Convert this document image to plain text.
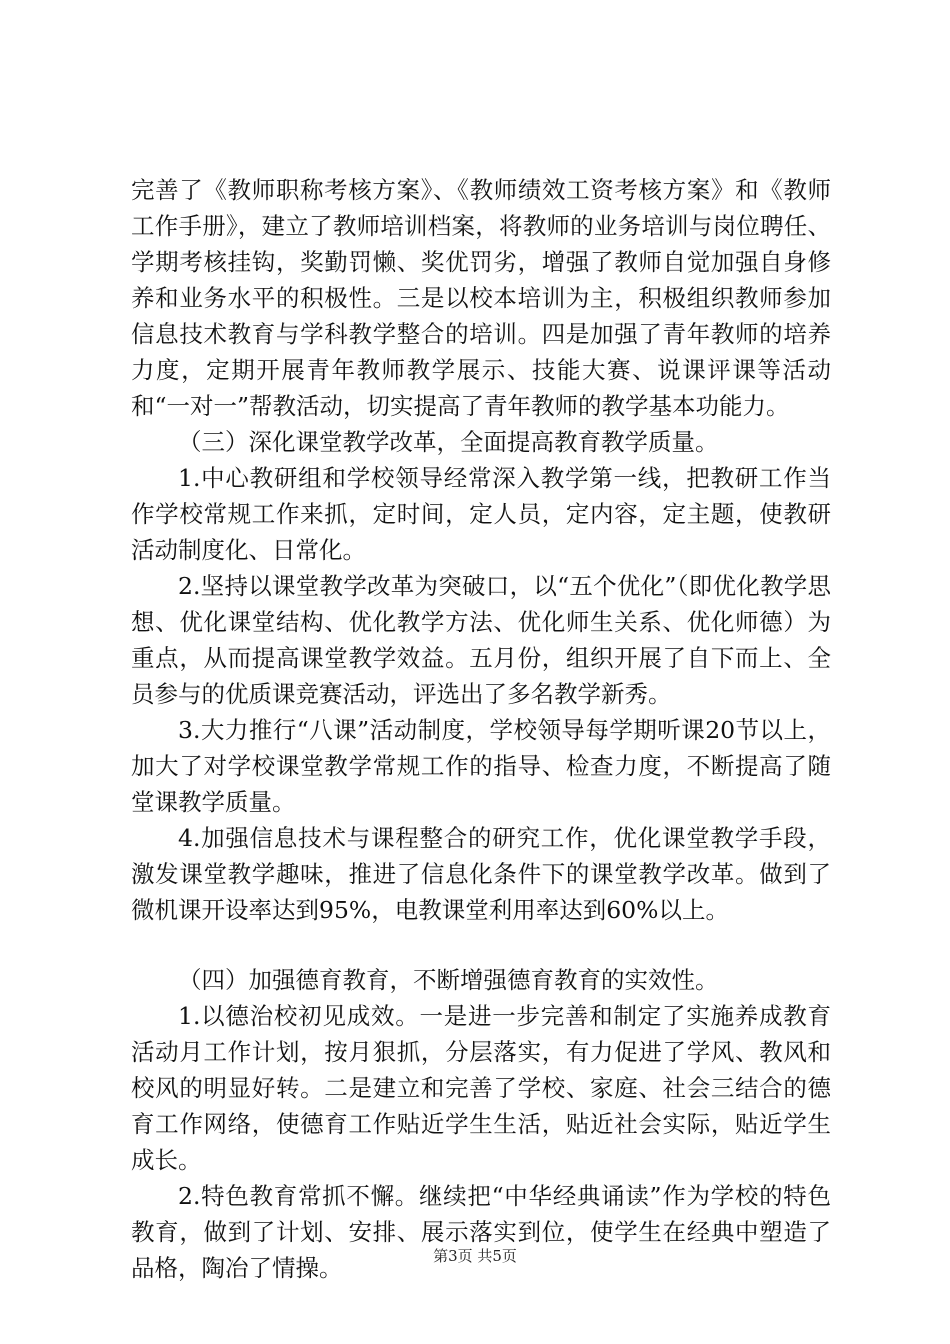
完善了《教师职称考核方案》、《教师绩效工资考核方案》和《教师工作手册》，建立了教师培训档案，将教师的业务培训与岗位聘任、学期考核挂钩，奖勤罚懒、奖优罚劣，增强了教师自觉加强自身修养和业务水平的积极性。三是以校本培训为主，积极组织教师参加信息技术教育与学科教学整合的培训。四是加强了青年教师的培养力度，定期开展青年教师教学展示、技能大赛、说课评课等活动和“一对一”帮教活动，切实提高了青年教师的教学基本功能力。

（三）深化课堂教学改革，全面提高教育教学质量。

1.中心教研组和学校领导经常深入教学第一线，把教研工作当作学校常规工作来抓，定时间，定人员，定内容，定主题，使教研活动制度化、日常化。

2.坚持以课堂教学改革为突破口，以“五个优化”（即优化教学思想、优化课堂结构、优化教学方法、优化师生关系、优化师德）为重点，从而提高课堂教学效益。五月份，组织开展了自下而上、全员参与的优质课竞赛活动，评选出了多名教学新秀。

3.大力推行“八课”活动制度，学校领导每学期听课20节以上，加大了对学校课堂教学常规工作的指导、检查力度，不断提高了随堂课教学质量。

4.加强信息技术与课程整合的研究工作，优化课堂教学手段，激发课堂教学趣味，推进了信息化条件下的课堂教学改革。做到了微机课开设率达到95%，电教课堂利用率达到60%以上。

（四）加强德育教育，不断增强德育教育的实效性。

1.以德治校初见成效。一是进一步完善和制定了实施养成教育活动月工作计划，按月狠抓，分层落实，有力促进了学风、教风和校风的明显好转。二是建立和完善了学校、家庭、社会三结合的德育工作网络，使德育工作贴近学生生活，贴近社会实际，贴近学生成长。

2.特色教育常抓不懈。继续把“中华经典诵读”作为学校的特色教育，做到了计划、安排、展示落实到位，使学生在经典中塑造了品格，陶冶了情操。	第3页 共5页
